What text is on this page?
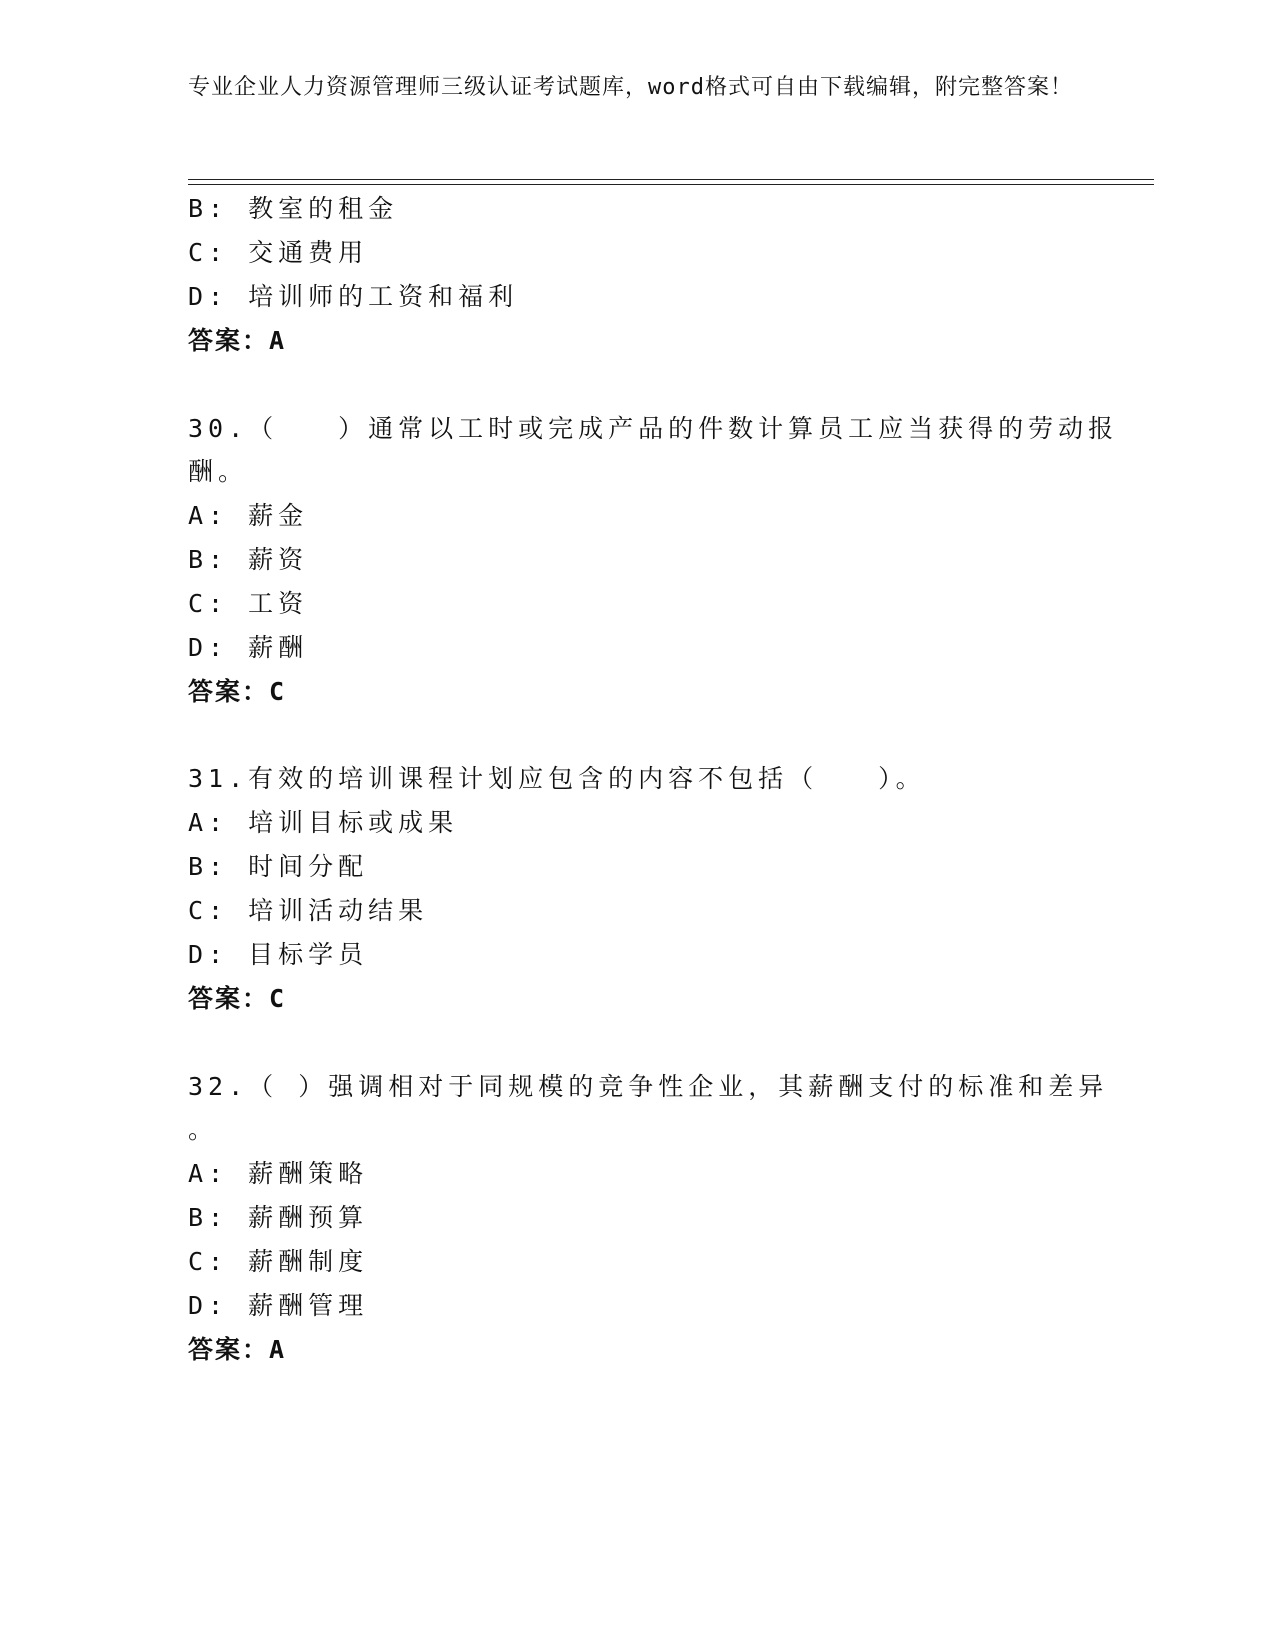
专业企业人力资源管理师三级认证考试题库，word格式可自由下载编辑，附完整答案！
B: 教室的租金
C: 交通费用
D: 培训师的工资和福利
答案：A
30.（　　）通常以工时或完成产品的件数计算员工应当获得的劳动报
酬。
A: 薪金
B: 薪资
C: 工资
D: 薪酬
答案：C
31.有效的培训课程计划应包含的内容不包括（　　）。
A: 培训目标或成果
B: 时间分配
C: 培训活动结果
D: 目标学员
答案：C
32.（ ）强调相对于同规模的竞争性企业，其薪酬支付的标准和差异
。
A: 薪酬策略
B: 薪酬预算
C: 薪酬制度
D: 薪酬管理
答案：A
